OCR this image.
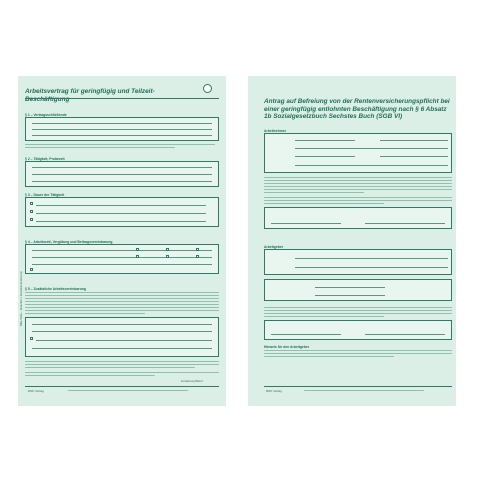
Arbeitsvertrag für geringfügig und Teilzeit-Beschäftigung
§ 1 – Vertragsschließende
§ 2 – Tätigkeit, Probezeit
§ 3 – Dauer der Tätigkeit
§ 4 – Arbeitszeit, Vergütung und Beitragsvereinbarung
§ 5 – Zusätzliche Arbeitsvereinbarung
Fortsetzung Blatt 2
RNK Verlag
Bitte Seite... beachten / Zusatzvereinbarung
Antrag auf Befreiung von der Rentenversicherungspflicht bei einer geringfügig entlohnten Beschäftigung nach § 6 Absatz 1b Sozialgesetzbuch Sechstes Buch (SGB VI)
Arbeitnehmer
Arbeitgeber
Hinweis für den Arbeitgeber
RNK Verlag
